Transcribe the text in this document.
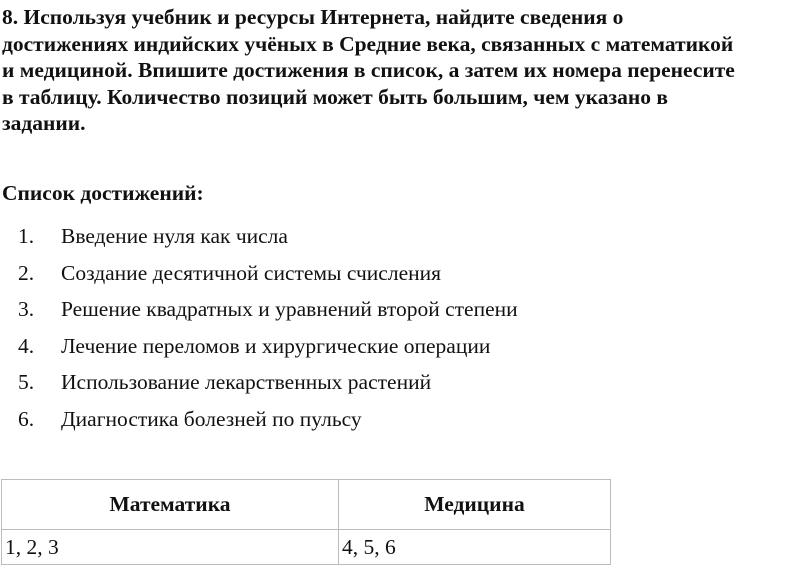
8. Используя учебник и ресурсы Интернета, найдите сведения о
достижениях индийских учёных в Средние века, связанных с математикой
и медициной. Впишите достижения в список, а затем их номера перенесите
в таблицу. Количество позиций может быть большим, чем указано в
задании.
Список достижений:
1. Введение нуля как числа
2. Создание десятичной системы счисления
3. Решение квадратных и уравнений второй степени
4. Лечение переломов и хирургические операции
5. Использование лекарственных растений
6. Диагностика болезней по пульсу
Математика	Медицина
1, 2, 3	4, 5, 6
